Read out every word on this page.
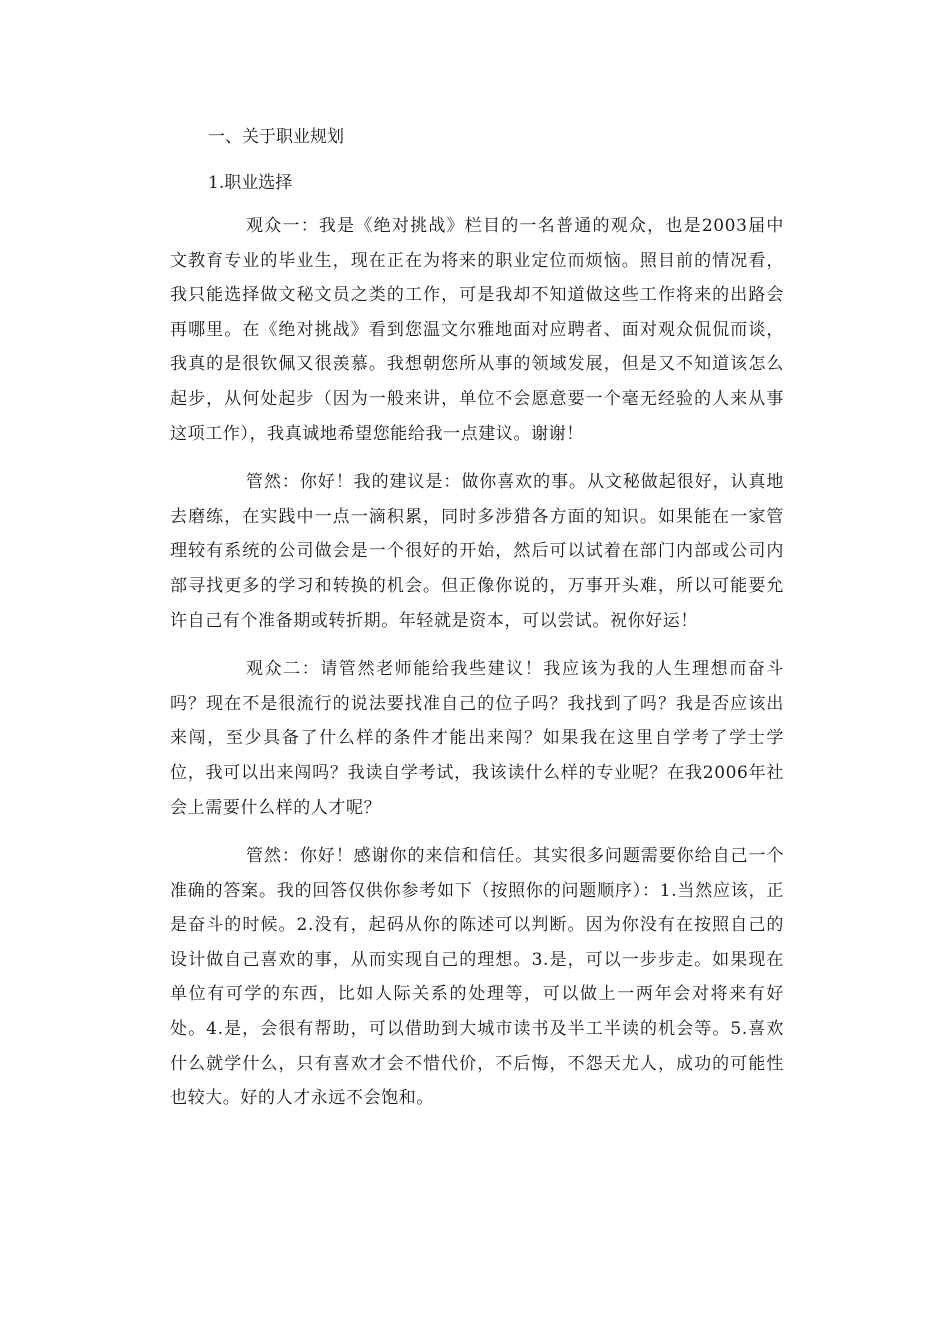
一、关于职业规划

1.职业选择

观众一：我是《绝对挑战》栏目的一名普通的观众，也是2003届中文教育专业的毕业生，现在正在为将来的职业定位而烦恼。照目前的情况看，我只能选择做文秘文员之类的工作，可是我却不知道做这些工作将来的出路会再哪里。在《绝对挑战》看到您温文尔雅地面对应聘者、面对观众侃侃而谈，我真的是很钦佩又很羡慕。我想朝您所从事的领域发展，但是又不知道该怎么起步，从何处起步（因为一般来讲，单位不会愿意要一个毫无经验的人来从事这项工作），我真诚地希望您能给我一点建议。谢谢！

管然：你好！我的建议是：做你喜欢的事。从文秘做起很好，认真地去磨练，在实践中一点一滴积累，同时多涉猎各方面的知识。如果能在一家管理较有系统的公司做会是一个很好的开始，然后可以试着在部门内部或公司内部寻找更多的学习和转换的机会。但正像你说的，万事开头难，所以可能要允许自己有个准备期或转折期。年轻就是资本，可以尝试。祝你好运！

观众二：请管然老师能给我些建议！我应该为我的人生理想而奋斗吗？现在不是很流行的说法要找准自己的位子吗？我找到了吗？我是否应该出来闯，至少具备了什么样的条件才能出来闯？如果我在这里自学考了学士学位，我可以出来闯吗？我读自学考试，我该读什么样的专业呢？在我2006年社会上需要什么样的人才呢？

管然：你好！感谢你的来信和信任。其实很多问题需要你给自己一个准确的答案。我的回答仅供你参考如下（按照你的问题顺序）：1.当然应该，正是奋斗的时候。2.没有，起码从你的陈述可以判断。因为你没有在按照自己的设计做自己喜欢的事，从而实现自己的理想。3.是，可以一步步走。如果现在单位有可学的东西，比如人际关系的处理等，可以做上一两年会对将来有好处。4.是，会很有帮助，可以借助到大城市读书及半工半读的机会等。5.喜欢什么就学什么，只有喜欢才会不惜代价，不后悔，不怨天尤人，成功的可能性也较大。好的人才永远不会饱和。
